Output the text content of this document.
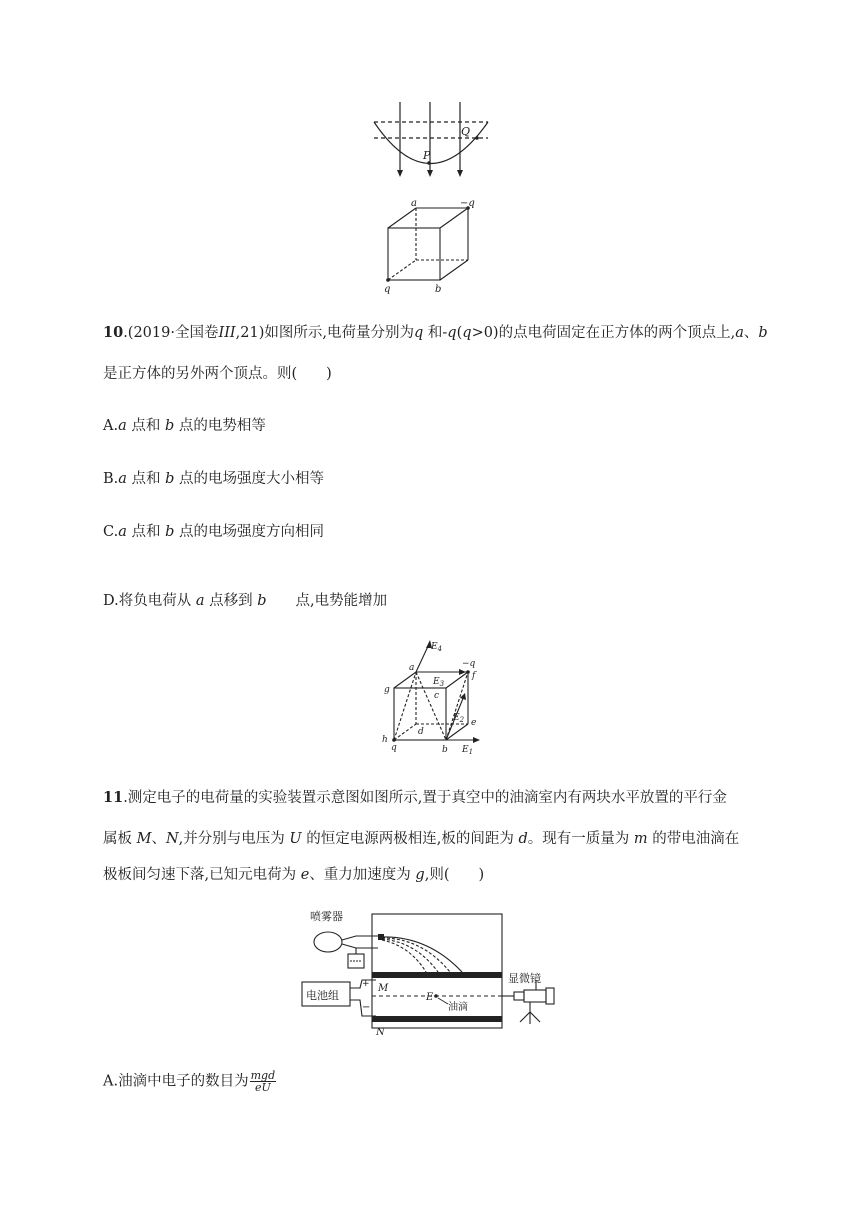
Q
P
a	−q
q	b
10.(2019·全国卷III,21)如图所示,电荷量分别为q 和-q(q>0)的点电荷固定在正方体的两个顶点上,a、b
是正方体的另外两个顶点。则(　　)
A.a 点和 b 点的电势相等
B.a 点和 b 点的电场强度大小相等
C.a 点和 b 点的电场强度方向相同
D.将负电荷从 a 点移到 b　　点,电势能增加
$E_4$
a	−q
f
g
$E_3$
c
$E_2$ e
d
h
q	b $E_1$
11.测定电子的电荷量的实验装置示意图如图所示,置于真空中的油滴室内有两块水平放置的平行金
属板 M、N,并分别与电压为 U 的恒定电源两极相连,板的间距为 d。现有一质量为 m 的带电油滴在
极板间匀速下落,已知元电荷为 e、重力加速度为 g,则(　　)
喷雾器
显微镜
电池组
+
−
M
E
油滴
N
A.油滴中电子的数目为 $\frac{\text{mgd}}{eU}$
